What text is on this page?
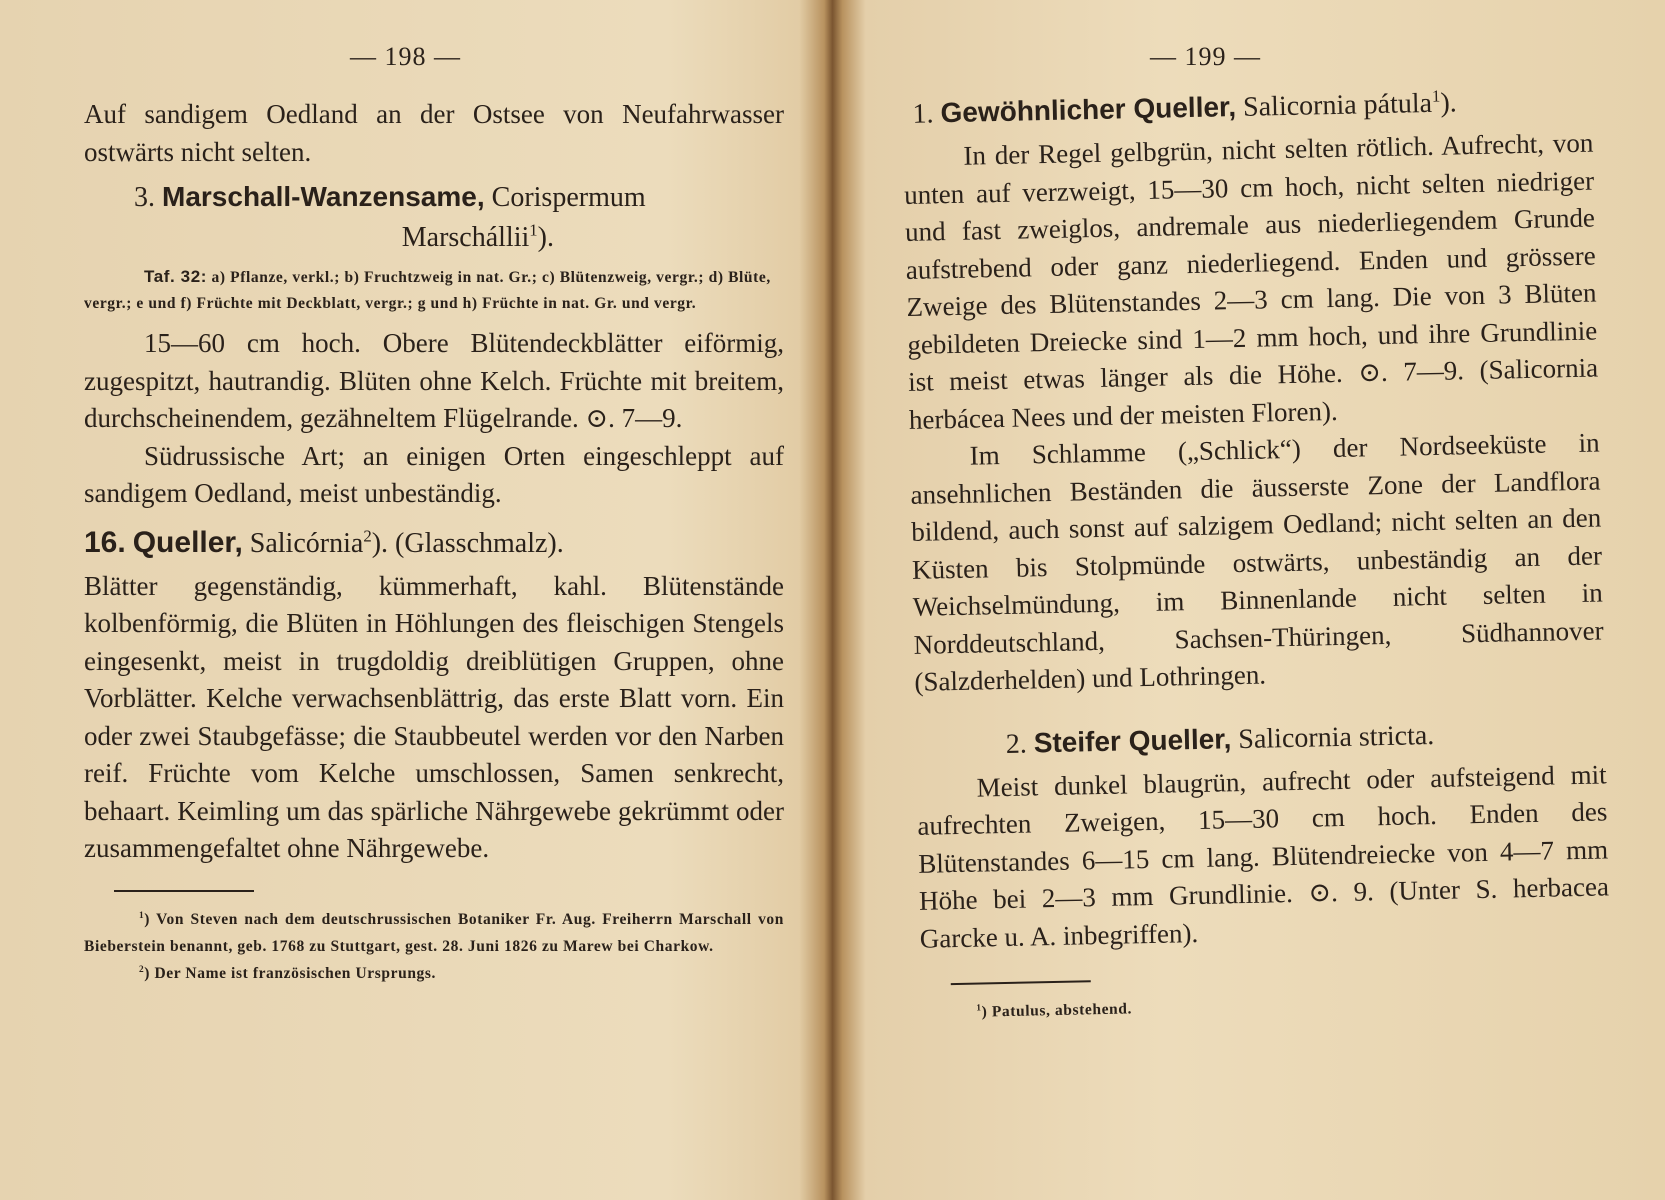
— 198 —

Auf sandigem Oedland an der Ostsee von Neufahrwasser ostwärts nicht selten.

3. Marschall-Wanzensame, Corispermum
Marschállii$^1$).
Taf. 32: a) Pflanze, verkl.; b) Fruchtzweig in nat. Gr.; c) Blütenzweig, vergr.; d) Blüte, vergr.; e und f) Früchte mit Deckblatt, vergr.; g und h) Früchte in nat. Gr. und vergr.

15—60 cm hoch. Obere Blütendeckblätter eiförmig, zugespitzt, hautrandig. Blüten ohne Kelch. Früchte mit breitem, durchscheinendem, gezähneltem Flügelrande. ⊙. 7—9.

Südrussische Art; an einigen Orten eingeschleppt auf sandigem Oedland, meist unbeständig.

16. Queller, Salicórnia$^2$). (Glasschmalz).

Blätter gegenständig, kümmerhaft, kahl. Blütenstände kolbenförmig, die Blüten in Höhlungen des fleischigen Stengels eingesenkt, meist in trugdoldig dreiblütigen Gruppen, ohne Vorblätter. Kelche verwachsenblättrig, das erste Blatt vorn. Ein oder zwei Staubgefässe; die Staubbeutel werden vor den Narben reif. Früchte vom Kelche umschlossen, Samen senkrecht, behaart. Keimling um das spärliche Nährgewebe gekrümmt oder zusammengefaltet ohne Nährgewebe.

$^1$) Von Steven nach dem deutschrussischen Botaniker Fr. Aug. Freiherrn Marschall von Bieberstein benannt, geb. 1768 zu Stuttgart, gest. 28. Juni 1826 zu Marew bei Charkow.

$^2$) Der Name ist französischen Ursprungs.

— 199 —
1. Gewöhnlicher Queller, Salicornia pátula$^1$).

In der Regel gelbgrün, nicht selten rötlich. Aufrecht, von unten auf verzweigt, 15—30 cm hoch, nicht selten niedriger und fast zweiglos, andremale aus niederliegendem Grunde aufstrebend oder ganz niederliegend. Enden und grössere Zweige des Blütenstandes 2—3 cm lang. Die von 3 Blüten gebildeten Dreiecke sind 1—2 mm hoch, und ihre Grundlinie ist meist etwas länger als die Höhe. ⊙. 7—9. (Salicornia herbácea Nees und der meisten Floren).

Im Schlamme („Schlick“) der Nordseeküste in ansehnlichen Beständen die äusserste Zone der Landflora bildend, auch sonst auf salzigem Oedland; nicht selten an den Küsten bis Stolpmünde ostwärts, unbeständig an der Weichselmündung, im Binnenlande nicht selten in Norddeutschland, Sachsen-Thüringen, Südhannover (Salzderhelden) und Lothringen.

2. Steifer Queller, Salicornia stricta.

Meist dunkel blaugrün, aufrecht oder aufsteigend mit aufrechten Zweigen, 15—30 cm hoch. Enden des Blütenstandes 6—15 cm lang. Blütendreiecke von 4—7 mm Höhe bei 2—3 mm Grundlinie. ⊙. 9. (Unter S. herbacea Garcke u. A. inbegriffen).

$^1$) Patulus, abstehend.
